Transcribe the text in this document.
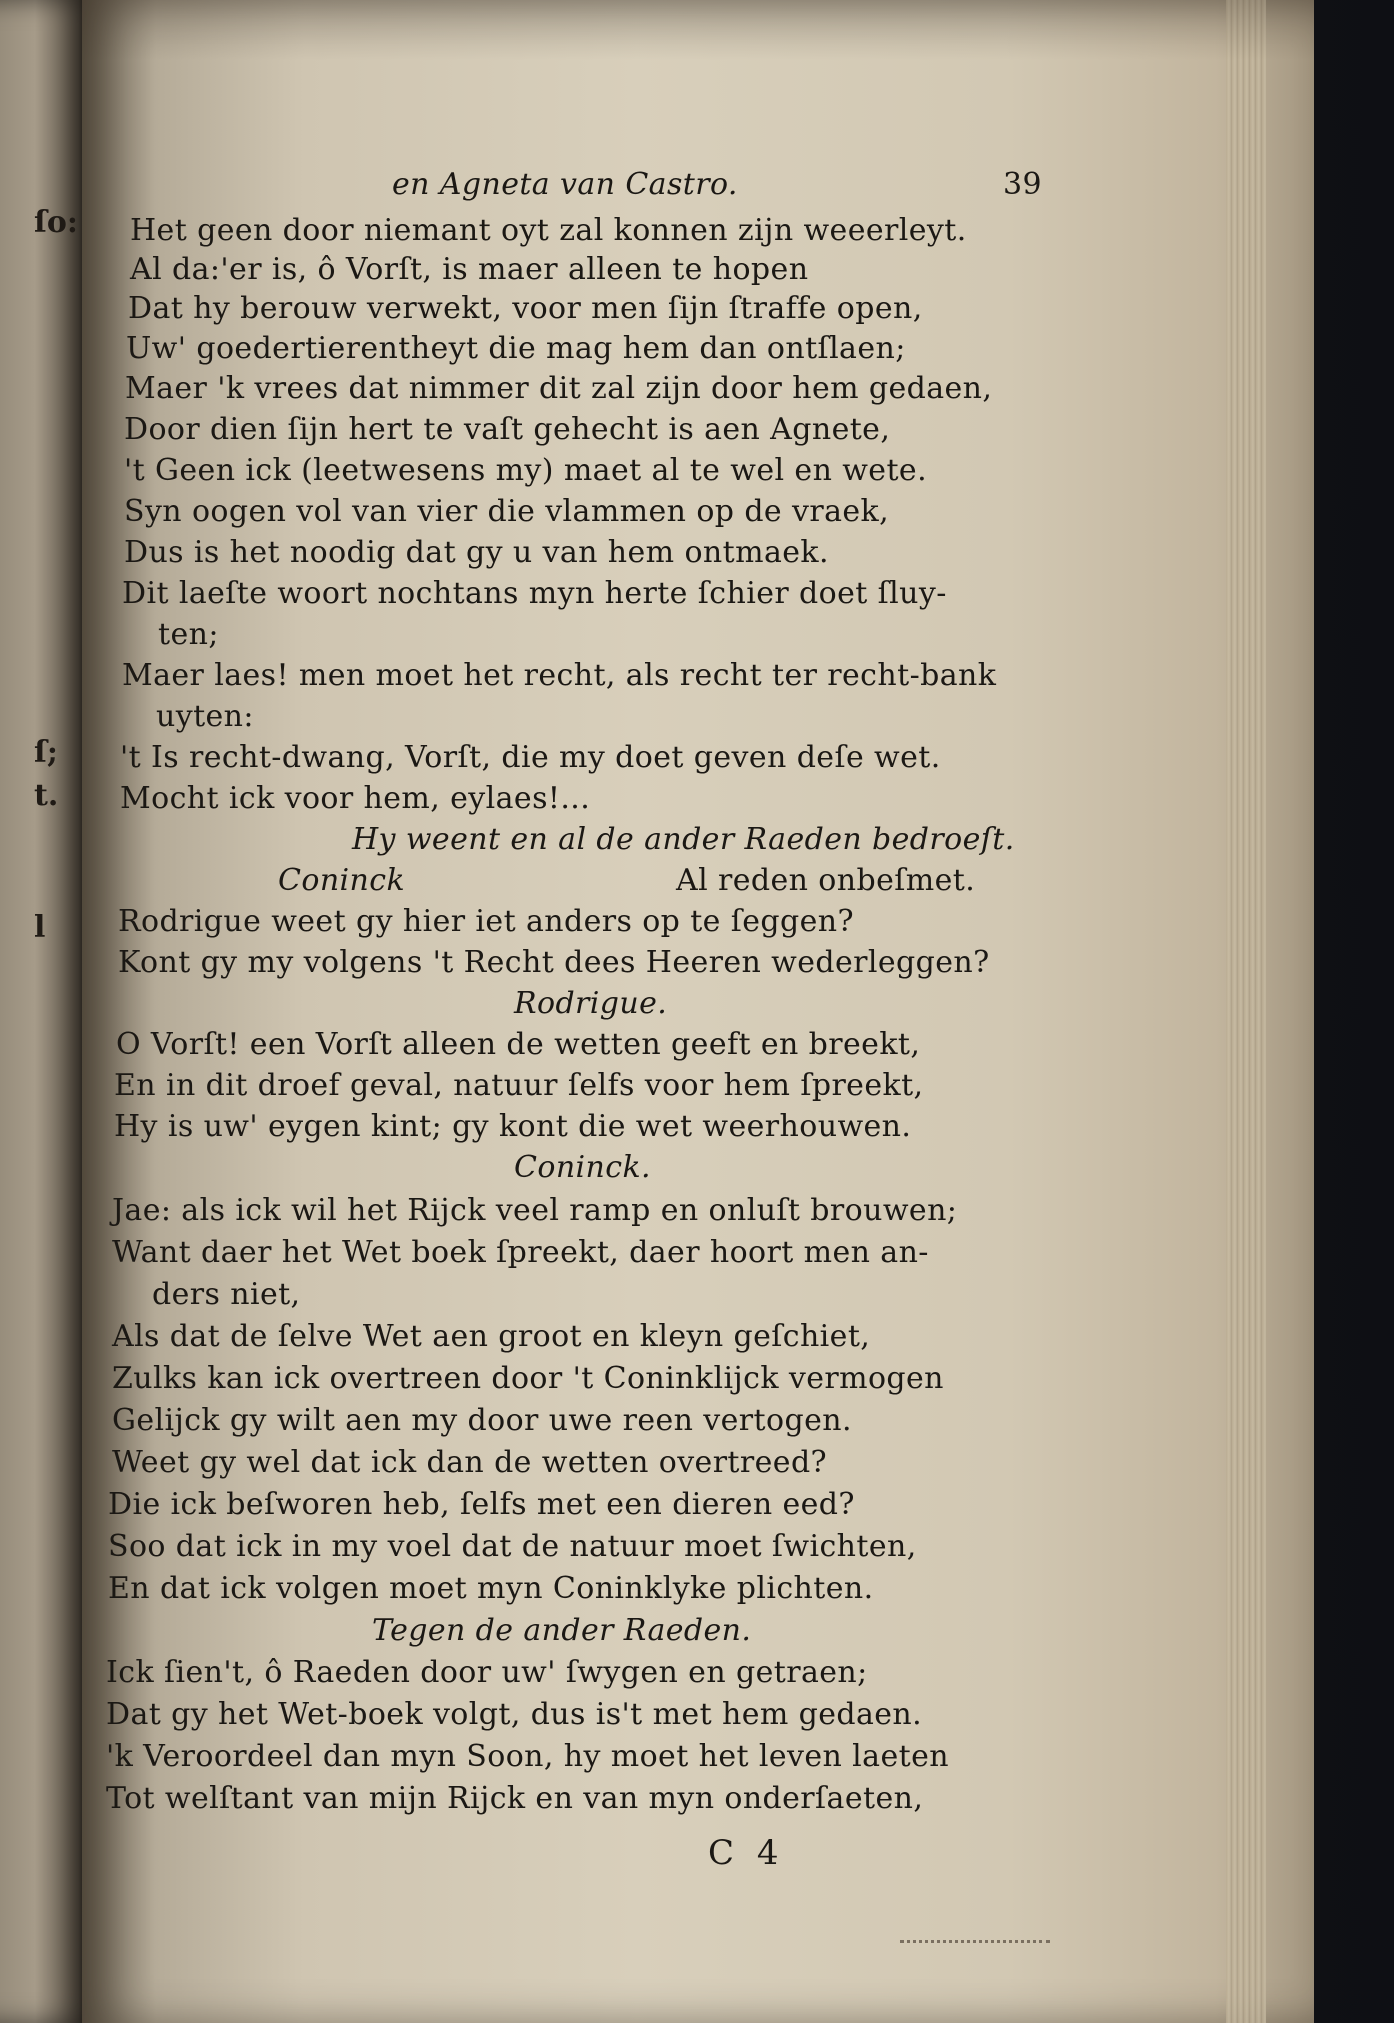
ſo:
ſ;
t.
l
en Agneta van Castro.	39
Het geen door niemant oyt zal konnen zijn weeerleyt.
Al da:'er is, ô Vorſt, is maer alleen te hopen
Dat hy berouw verwekt, voor men ſijn ſtraffe open,
Uw' goedertierentheyt die mag hem dan ontſlaen;
Maer 'k vrees dat nimmer dit zal zijn door hem gedaen,
Door dien ſijn hert te vaſt gehecht is aen Agnete,
't Geen ick (leetwesens my) maet al te wel en wete.
Syn oogen vol van vier die vlammen op de vraek,
Dus is het noodig dat gy u van hem ontmaek.
Dit laeſte woort nochtans myn herte ſchier doet ſluy-
ten;
Maer laes! men moet het recht, als recht ter recht-bank
uyten:
't Is recht-dwang, Vorſt, die my doet geven deſe wet.
Mocht ick voor hem, eylaes!...
Hy weent en al de ander Raeden bedroeſt.
Coninck	Al reden onbeſmet.
Rodrigue weet gy hier iet anders op te ſeggen?
Kont gy my volgens 't Recht dees Heeren wederleggen?
Rodrigue.
O Vorſt! een Vorſt alleen de wetten geeft en breekt,
En in dit droef geval, natuur ſelfs voor hem ſpreekt,
Hy is uw' eygen kint; gy kont die wet weerhouwen.
Coninck.
Jae: als ick wil het Rijck veel ramp en onluſt brouwen;
Want daer het Wet boek ſpreekt, daer hoort men an-
ders niet,
Als dat de ſelve Wet aen groot en kleyn geſchiet,
Zulks kan ick overtreen door 't Coninklijck vermogen
Gelijck gy wilt aen my door uwe reen vertogen.
Weet gy wel dat ick dan de wetten overtreed?
Die ick beſworen heb, ſelfs met een dieren eed?
Soo dat ick in my voel dat de natuur moet ſwichten,
En dat ick volgen moet myn Coninklyke plichten.
Tegen de ander Raeden.
Ick ſien't, ô Raeden door uw' ſwygen en getraen;
Dat gy het Wet-boek volgt, dus is't met hem gedaen.
'k Veroordeel dan myn Soon, hy moet het leven laeten
Tot welſtant van mijn Rijck en van myn onderſaeten,
C 4
